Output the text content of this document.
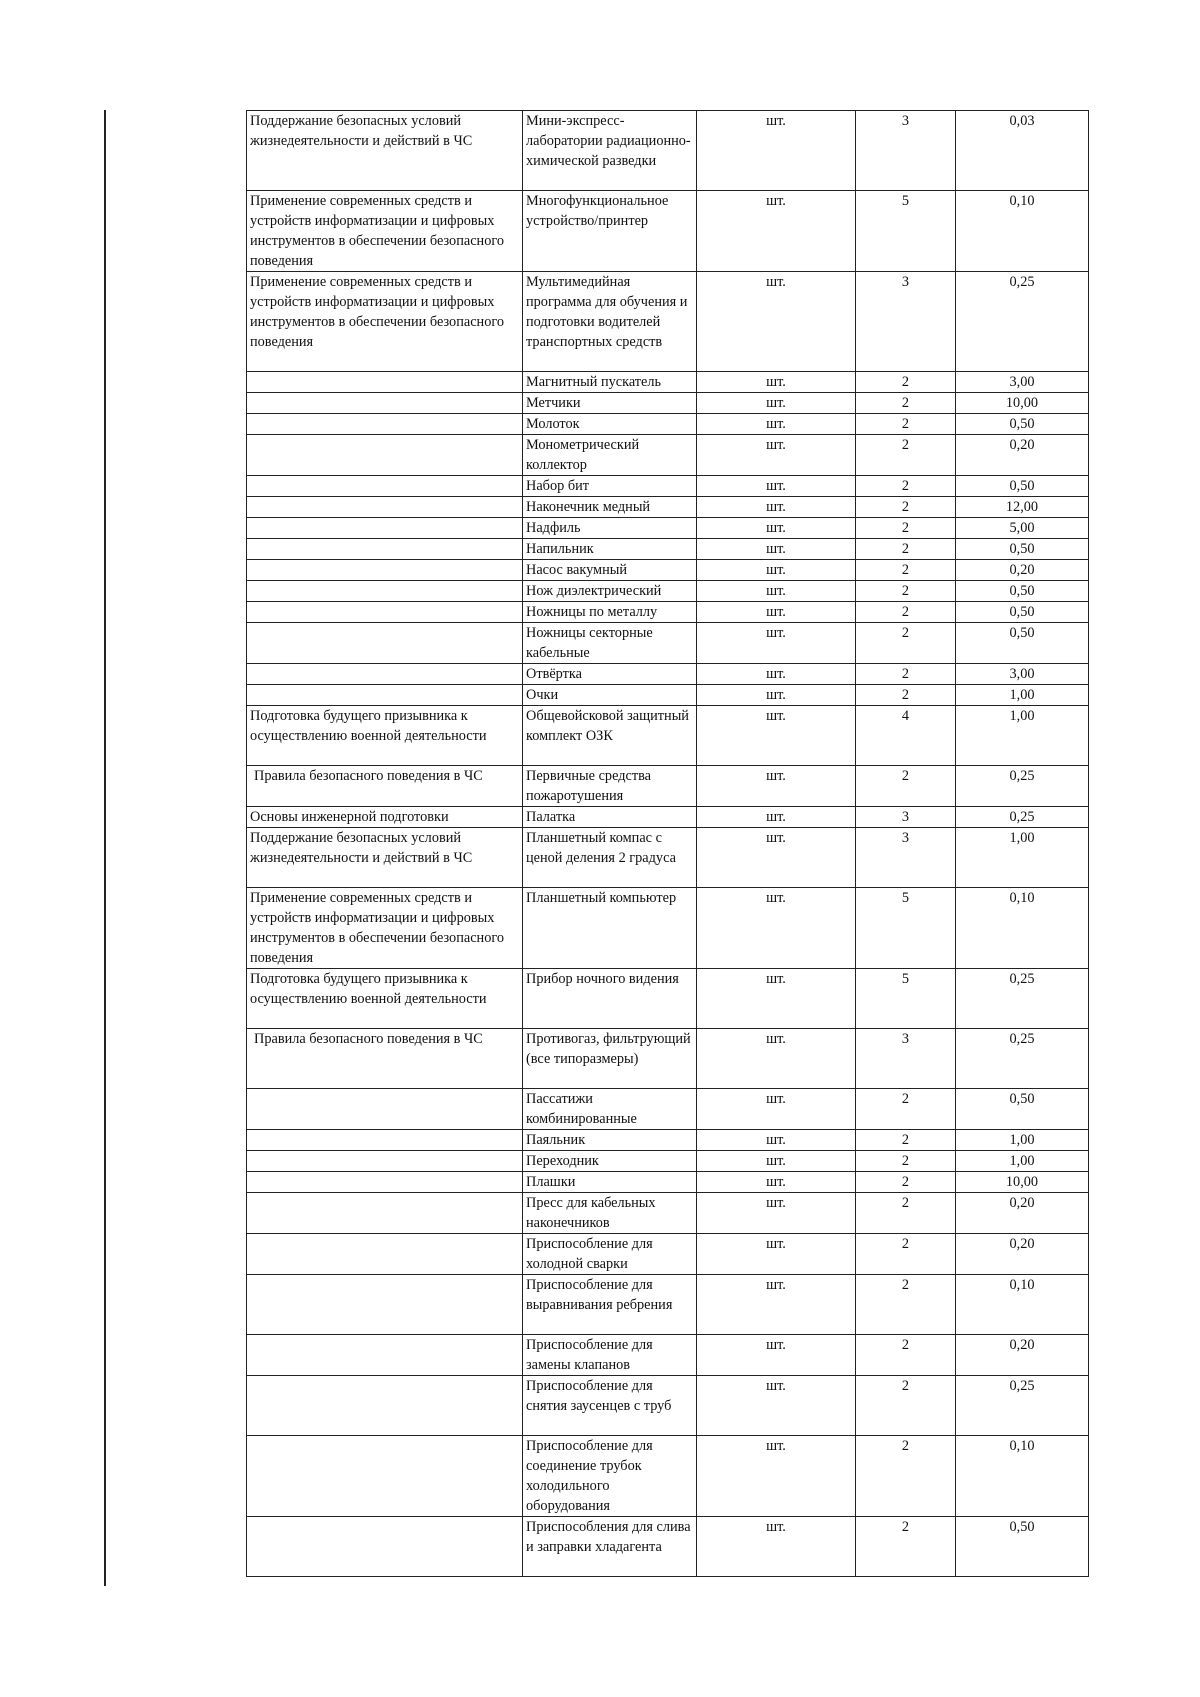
Поддержание безопасных условий жизнедеятельности и действий в ЧС	Мини-экспресс-лаборатории радиационно-химической разведки	шт.	3	0,03
Применение современных средств и устройств информатизации и цифровых инструментов в обеспечении безопасного поведения	Многофункциональное устройство/принтер	шт.	5	0,10
Применение современных средств и устройств информатизации и цифровых инструментов в обеспечении безопасного поведения	Мультимедийная программа для обучения и подготовки водителей транспортных средств	шт.	3	0,25
	Магнитный пускатель	шт.	2	3,00
	Метчики	шт.	2	10,00
	Молоток	шт.	2	0,50
	Монометрический коллектор	шт.	2	0,20
	Набор бит	шт.	2	0,50
	Наконечник медный	шт.	2	12,00
	Надфиль	шт.	2	5,00
	Напильник	шт.	2	0,50
	Насос вакумный	шт.	2	0,20
	Нож диэлектрический	шт.	2	0,50
	Ножницы по металлу	шт.	2	0,50
	Ножницы секторные кабельные	шт.	2	0,50
	Отвёртка	шт.	2	3,00
	Очки	шт.	2	1,00
Подготовка будущего призывника к осуществлению военной деятельности	Общевойсковой защитный комплект ОЗК	шт.	4	1,00
Правила безопасного поведения в ЧС	Первичные средства пожаротушения	шт.	2	0,25
Основы инженерной подготовки	Палатка	шт.	3	0,25
Поддержание безопасных условий жизнедеятельности и действий в ЧС	Планшетный компас с ценой деления 2 градуса	шт.	3	1,00
Применение современных средств и устройств информатизации и цифровых инструментов в обеспечении безопасного поведения	Планшетный компьютер	шт.	5	0,10
Подготовка будущего призывника к осуществлению военной деятельности	Прибор ночного видения	шт.	5	0,25
Правила безопасного поведения в ЧС	Противогаз, фильтрующий (все типоразмеры)	шт.	3	0,25
	Пассатижи комбинированные	шт.	2	0,50
	Паяльник	шт.	2	1,00
	Переходник	шт.	2	1,00
	Плашки	шт.	2	10,00
	Пресс для кабельных наконечников	шт.	2	0,20
	Приспособление для холодной сварки	шт.	2	0,20
	Приспособление для выравнивания ребрения	шт.	2	0,10
	Приспособление для замены клапанов	шт.	2	0,20
	Приспособление для снятия заусенцев с труб	шт.	2	0,25
	Приспособление для соединение трубок холодильного оборудования	шт.	2	0,10
	Приспособления для слива и заправки хладагента	шт.	2	0,50
